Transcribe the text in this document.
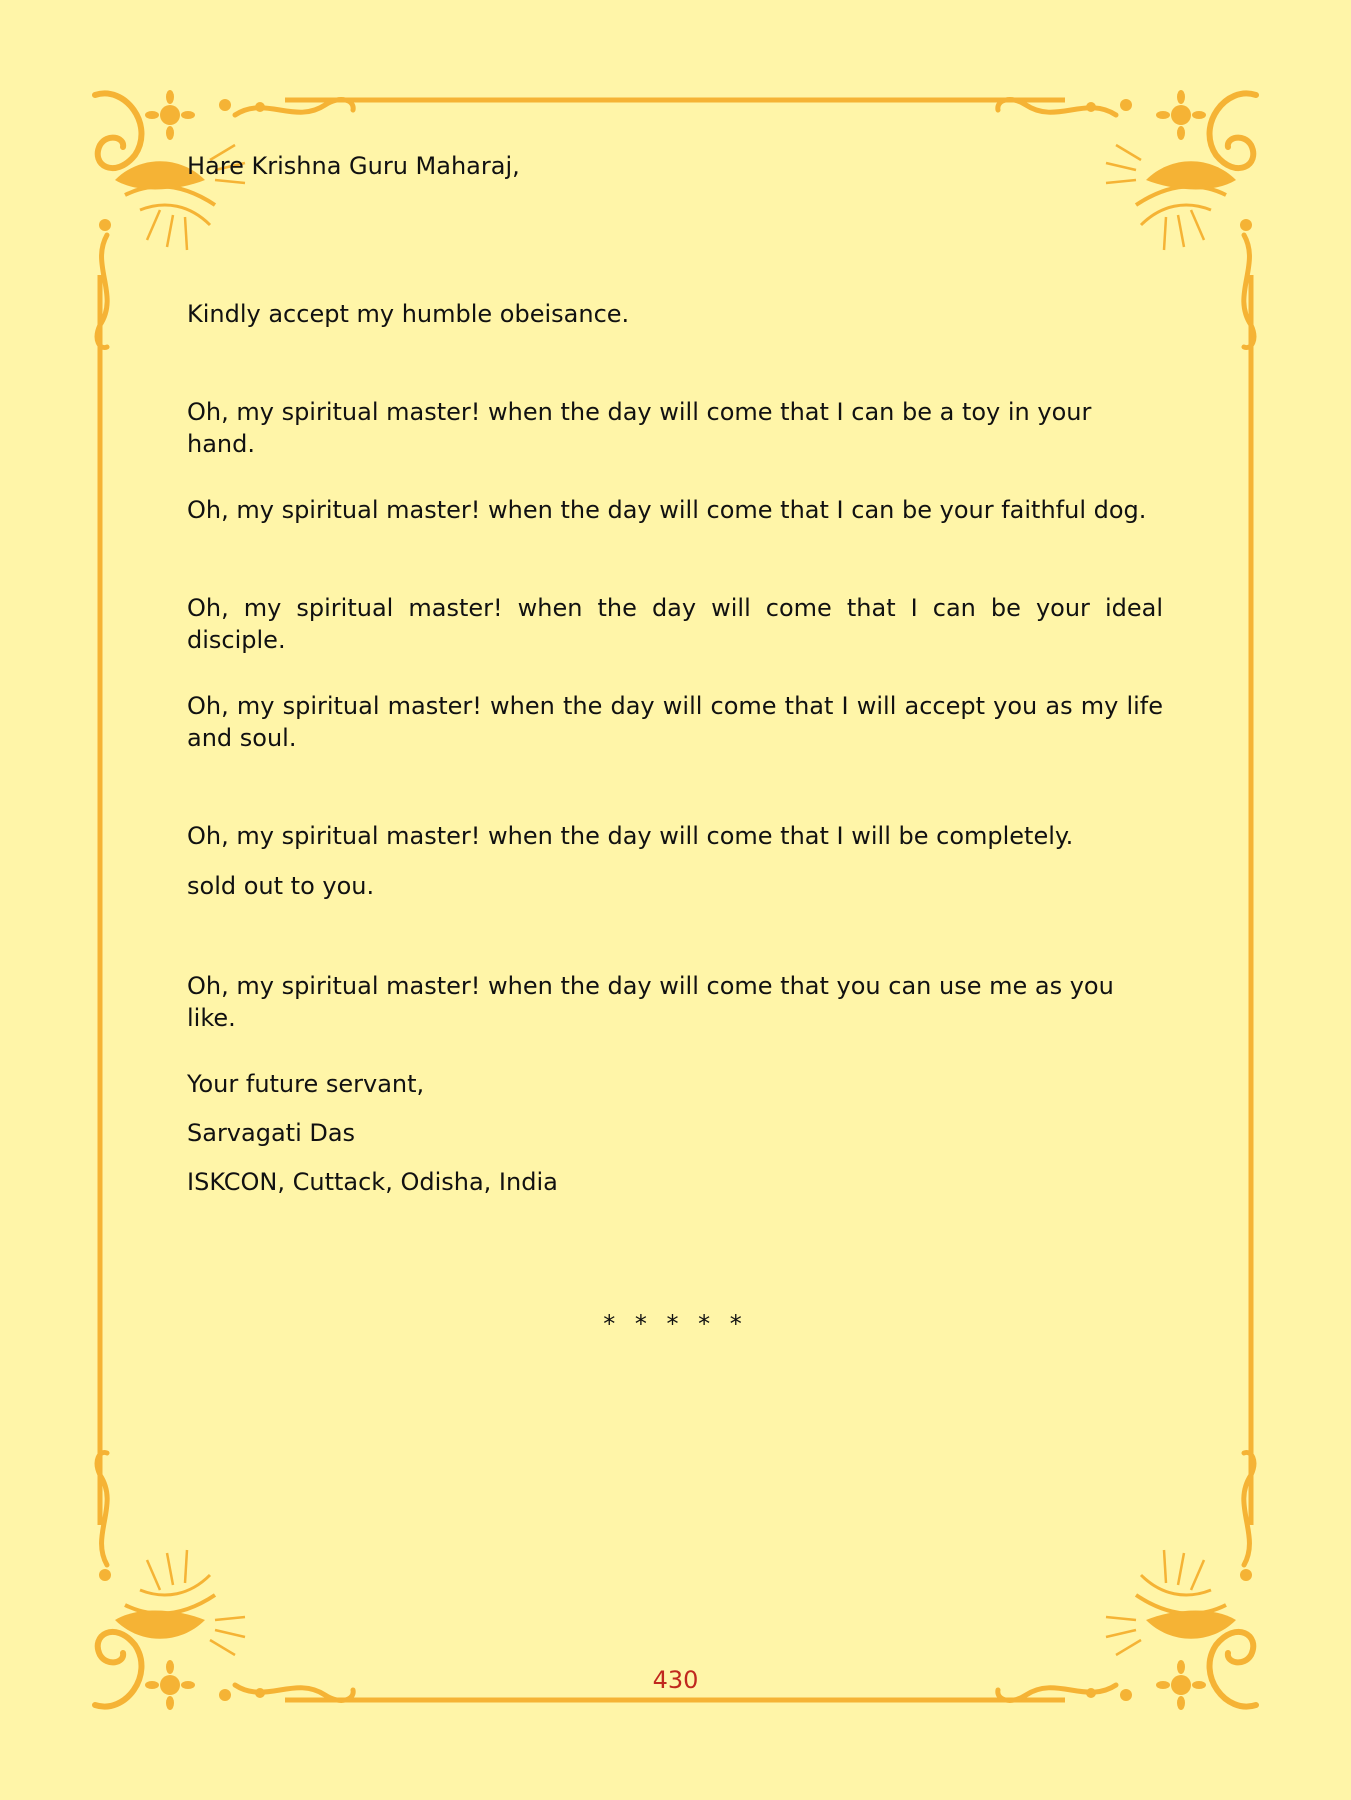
Hare Krishna Guru Maharaj,

Kindly accept my humble obeisance.

Oh, my spiritual master! when the day will come that I can be a toy in your hand.

Oh, my spiritual master! when the day will come that I can be your faithful dog.

Oh, my spiritual master! when the day will come that I can be your ideal disciple.

Oh, my spiritual master! when the day will come that I will accept you as my life and soul.

Oh, my spiritual master! when the day will come that I will be completely.

sold out to you.

Oh, my spiritual master! when the day will come that you can use me as you like.

Your future servant,

Sarvagati Das

ISKCON, Cuttack, Odisha, India

* * * * *
430
